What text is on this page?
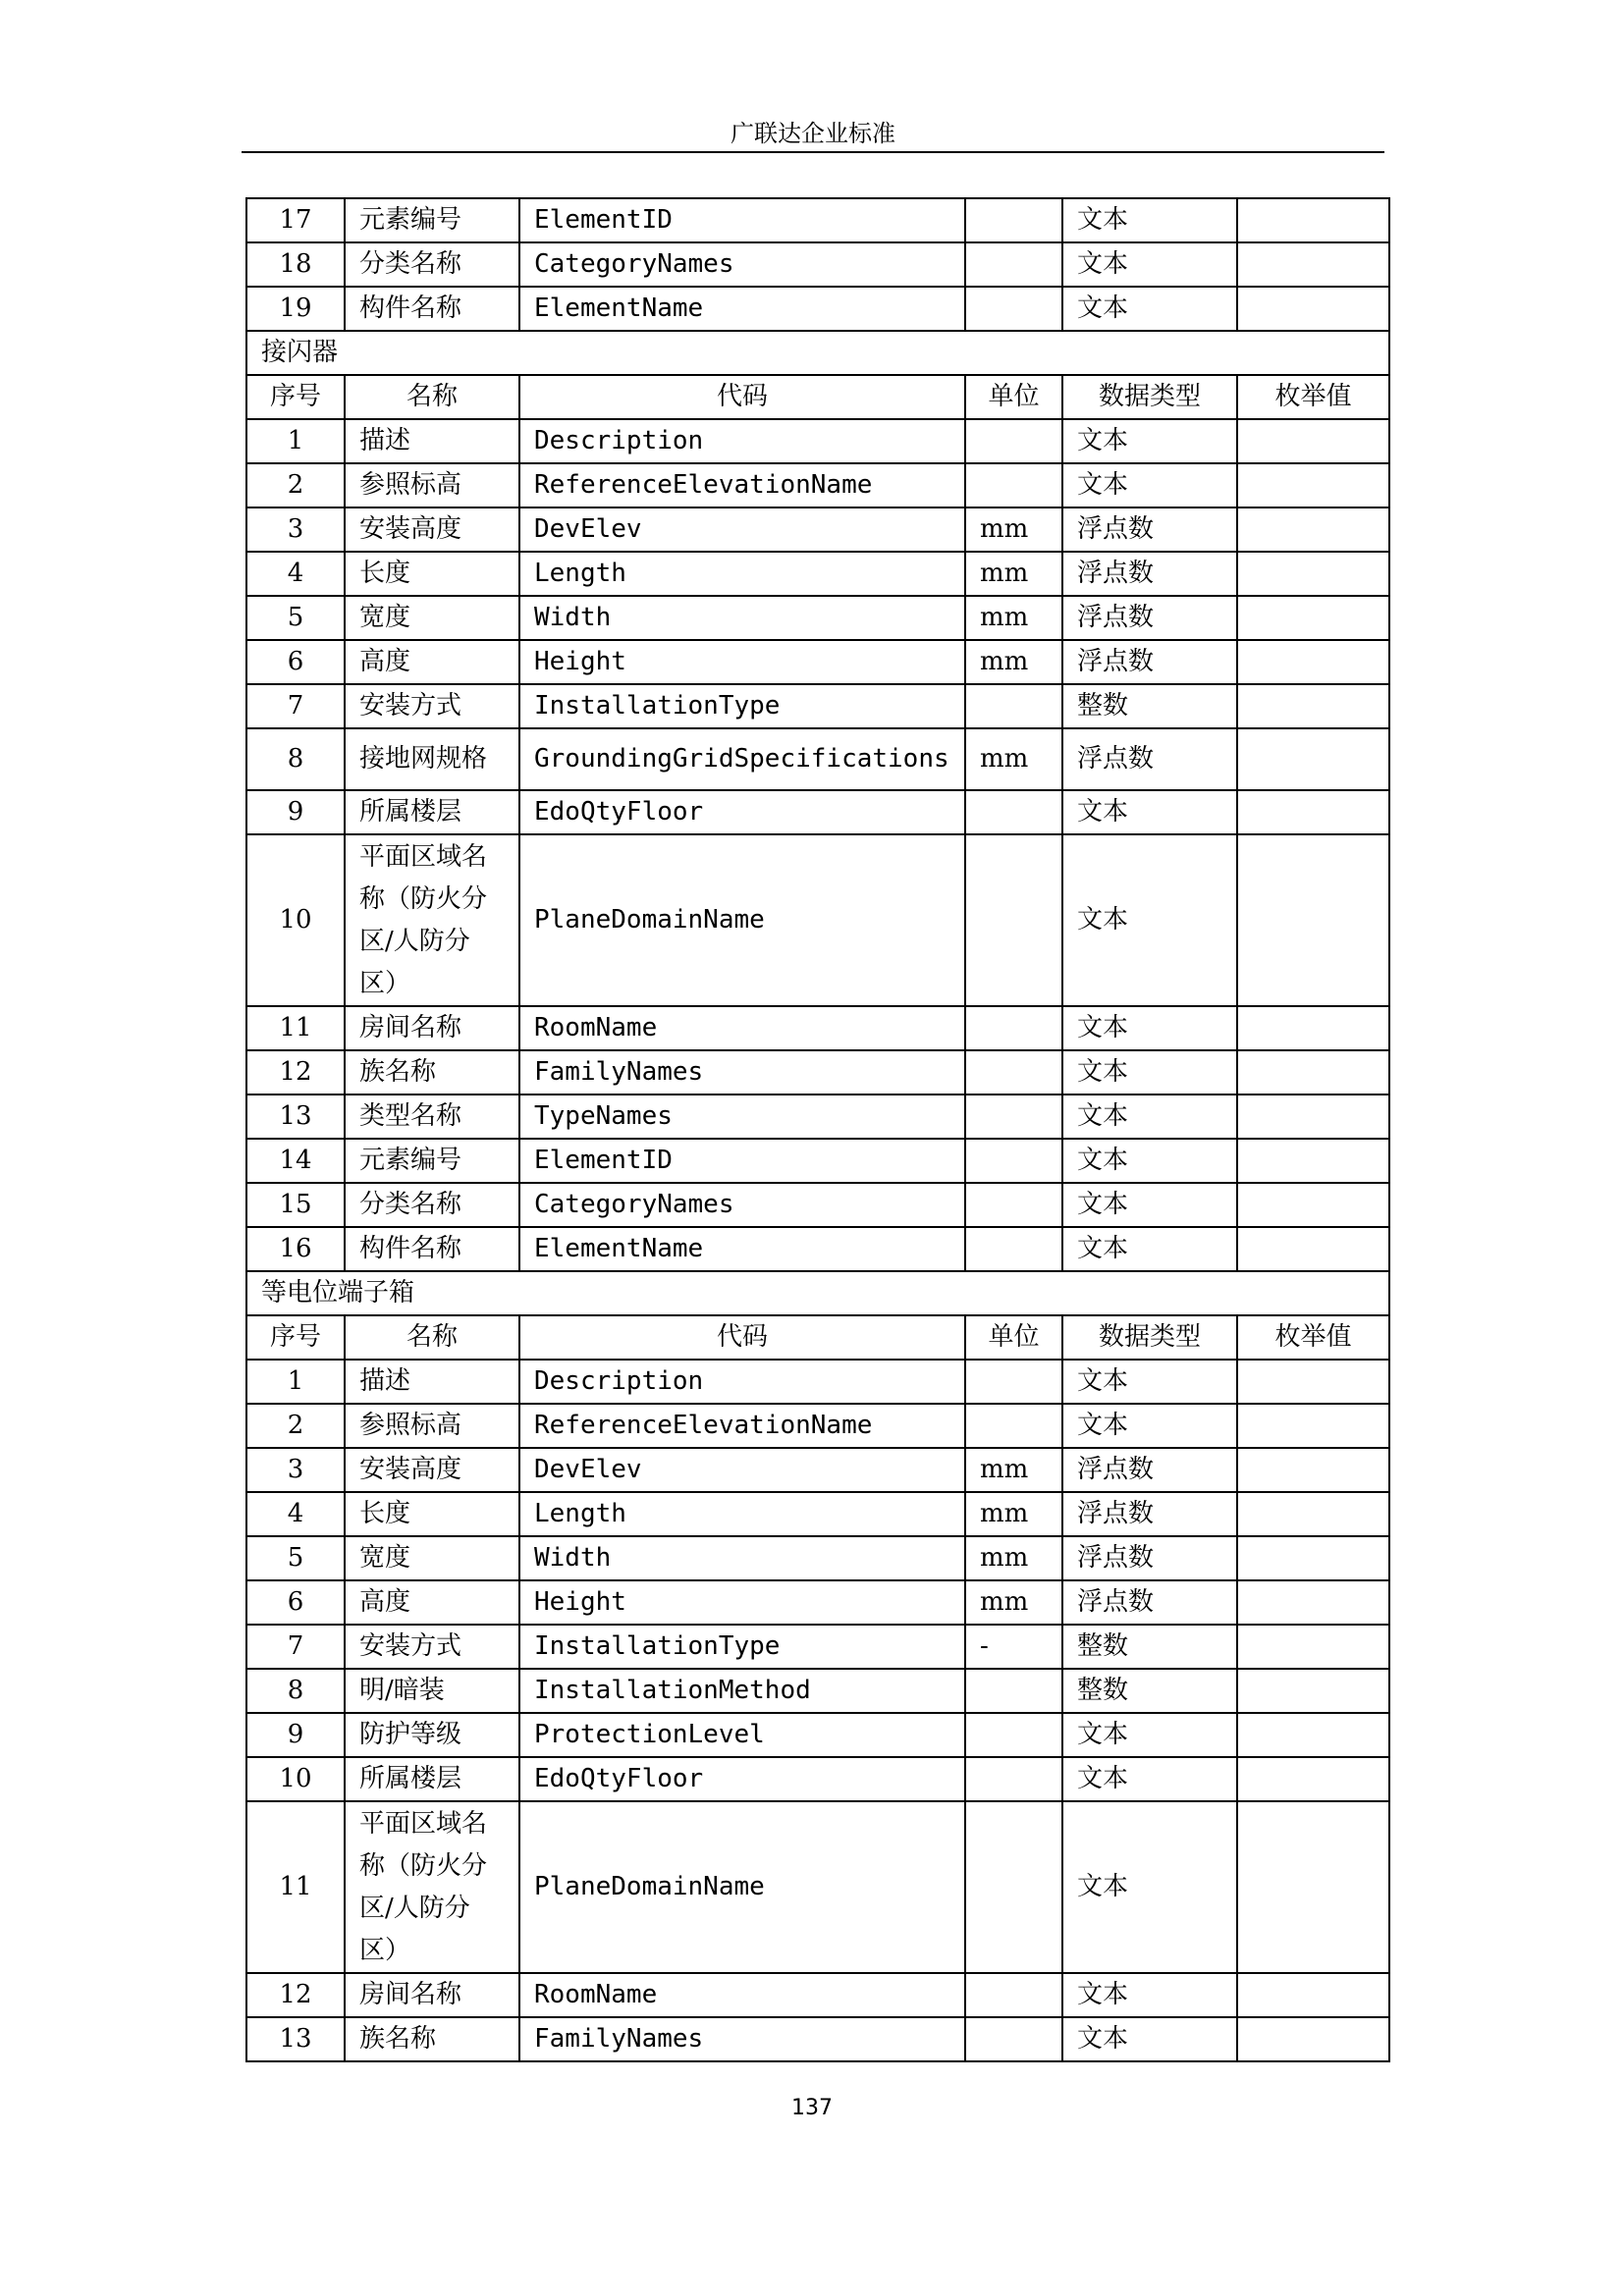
广联达企业标准
17	元素编号	ElementID		文本	
18	分类名称	CategoryNames		文本	
19	构件名称	ElementName		文本	
接闪器					
序号	名称	代码	单位	数据类型	枚举值
1	描述	Description		文本	
2	参照标高	ReferenceElevationName		文本	
3	安装高度	DevElev	mm	浮点数	
4	长度	Length	mm	浮点数	
5	宽度	Width	mm	浮点数	
6	高度	Height	mm	浮点数	
7	安装方式	InstallationType		整数	
8	接地网规格	GroundingGridSpecifications	mm	浮点数	
9	所属楼层	EdoQtyFloor		文本	
10	平面区域名称（防火分区/人防分区）	PlaneDomainName		文本	
11	房间名称	RoomName		文本	
12	族名称	FamilyNames		文本	
13	类型名称	TypeNames		文本	
14	元素编号	ElementID		文本	
15	分类名称	CategoryNames		文本	
16	构件名称	ElementName		文本	
等电位端子箱					
序号	名称	代码	单位	数据类型	枚举值
1	描述	Description		文本	
2	参照标高	ReferenceElevationName		文本	
3	安装高度	DevElev	mm	浮点数	
4	长度	Length	mm	浮点数	
5	宽度	Width	mm	浮点数	
6	高度	Height	mm	浮点数	
7	安装方式	InstallationType	-	整数	
8	明/暗装	InstallationMethod		整数	
9	防护等级	ProtectionLevel		文本	
10	所属楼层	EdoQtyFloor		文本	
11	平面区域名称（防火分区/人防分区）	PlaneDomainName		文本	
12	房间名称	RoomName		文本	
13	族名称	FamilyNames		文本	
137
